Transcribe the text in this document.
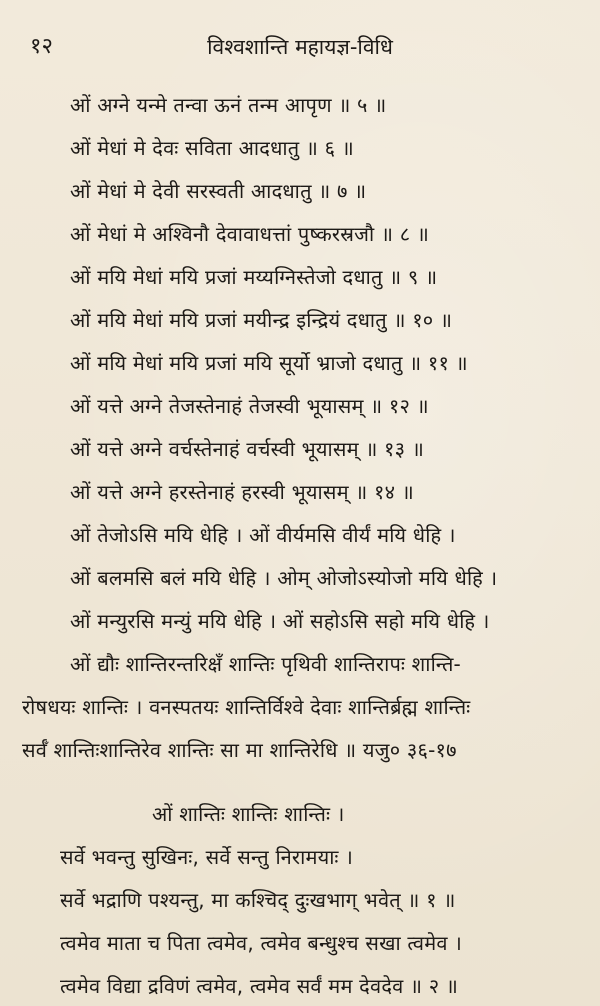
१२	विश्वशान्ति महायज्ञ-विधि
ओं अग्ने यन्मे तन्वा ऊनं तन्म आपृण ॥ ५ ॥
ओं मेधां मे देवः सविता आदधातु ॥ ६ ॥
ओं मेधां मे देवी सरस्वती आदधातु ॥ ७ ॥
ओं मेधां मे अश्विनौ देवावाधत्तां पुष्करस्रजौ ॥ ८ ॥
ओं मयि मेधां मयि प्रजां मय्यग्निस्तेजो दधातु ॥ ९ ॥
ओं मयि मेधां मयि प्रजां मयीन्द्र इन्द्रियं दधातु ॥ १० ॥
ओं मयि मेधां मयि प्रजां मयि सूर्यो भ्राजो दधातु ॥ ११ ॥
ओं यत्ते अग्ने तेजस्तेनाहं तेजस्वी भूयासम् ॥ १२ ॥
ओं यत्ते अग्ने वर्चस्तेनाहं वर्चस्वी भूयासम् ॥ १३ ॥
ओं यत्ते अग्ने हरस्तेनाहं हरस्वी भूयासम् ॥ १४ ॥
ओं तेजोऽसि मयि धेहि । ओं वीर्यमसि वीर्यं मयि धेहि ।
ओं बलमसि बलं मयि धेहि । ओम् ओजोऽस्योजो मयि धेहि ।
ओं मन्युरसि मन्युं मयि धेहि । ओं सहोऽसि सहो मयि धेहि ।
ओं द्यौः शान्तिरन्तरिक्षँ शान्तिः पृथिवी शान्तिरापः शान्ति-
रोषधयः शान्तिः । वनस्पतयः शान्तिर्विश्वे देवाः शान्तिर्ब्रह्म शान्तिः
सर्वँ शान्तिःशान्तिरेव शान्तिः सा मा शान्तिरेधि ॥ यजु० ३६-१७
ओं शान्तिः शान्तिः शान्तिः ।
सर्वे भवन्तु सुखिनः, सर्वे सन्तु निरामयाः ।
सर्वे भद्राणि पश्यन्तु, मा कश्चिद् दुःखभाग् भवेत् ॥ १ ॥
त्वमेव माता च पिता त्वमेव, त्वमेव बन्धुश्च सखा त्वमेव ।
त्वमेव विद्या द्रविणं त्वमेव, त्वमेव सर्वं मम देवदेव ॥ २ ॥
